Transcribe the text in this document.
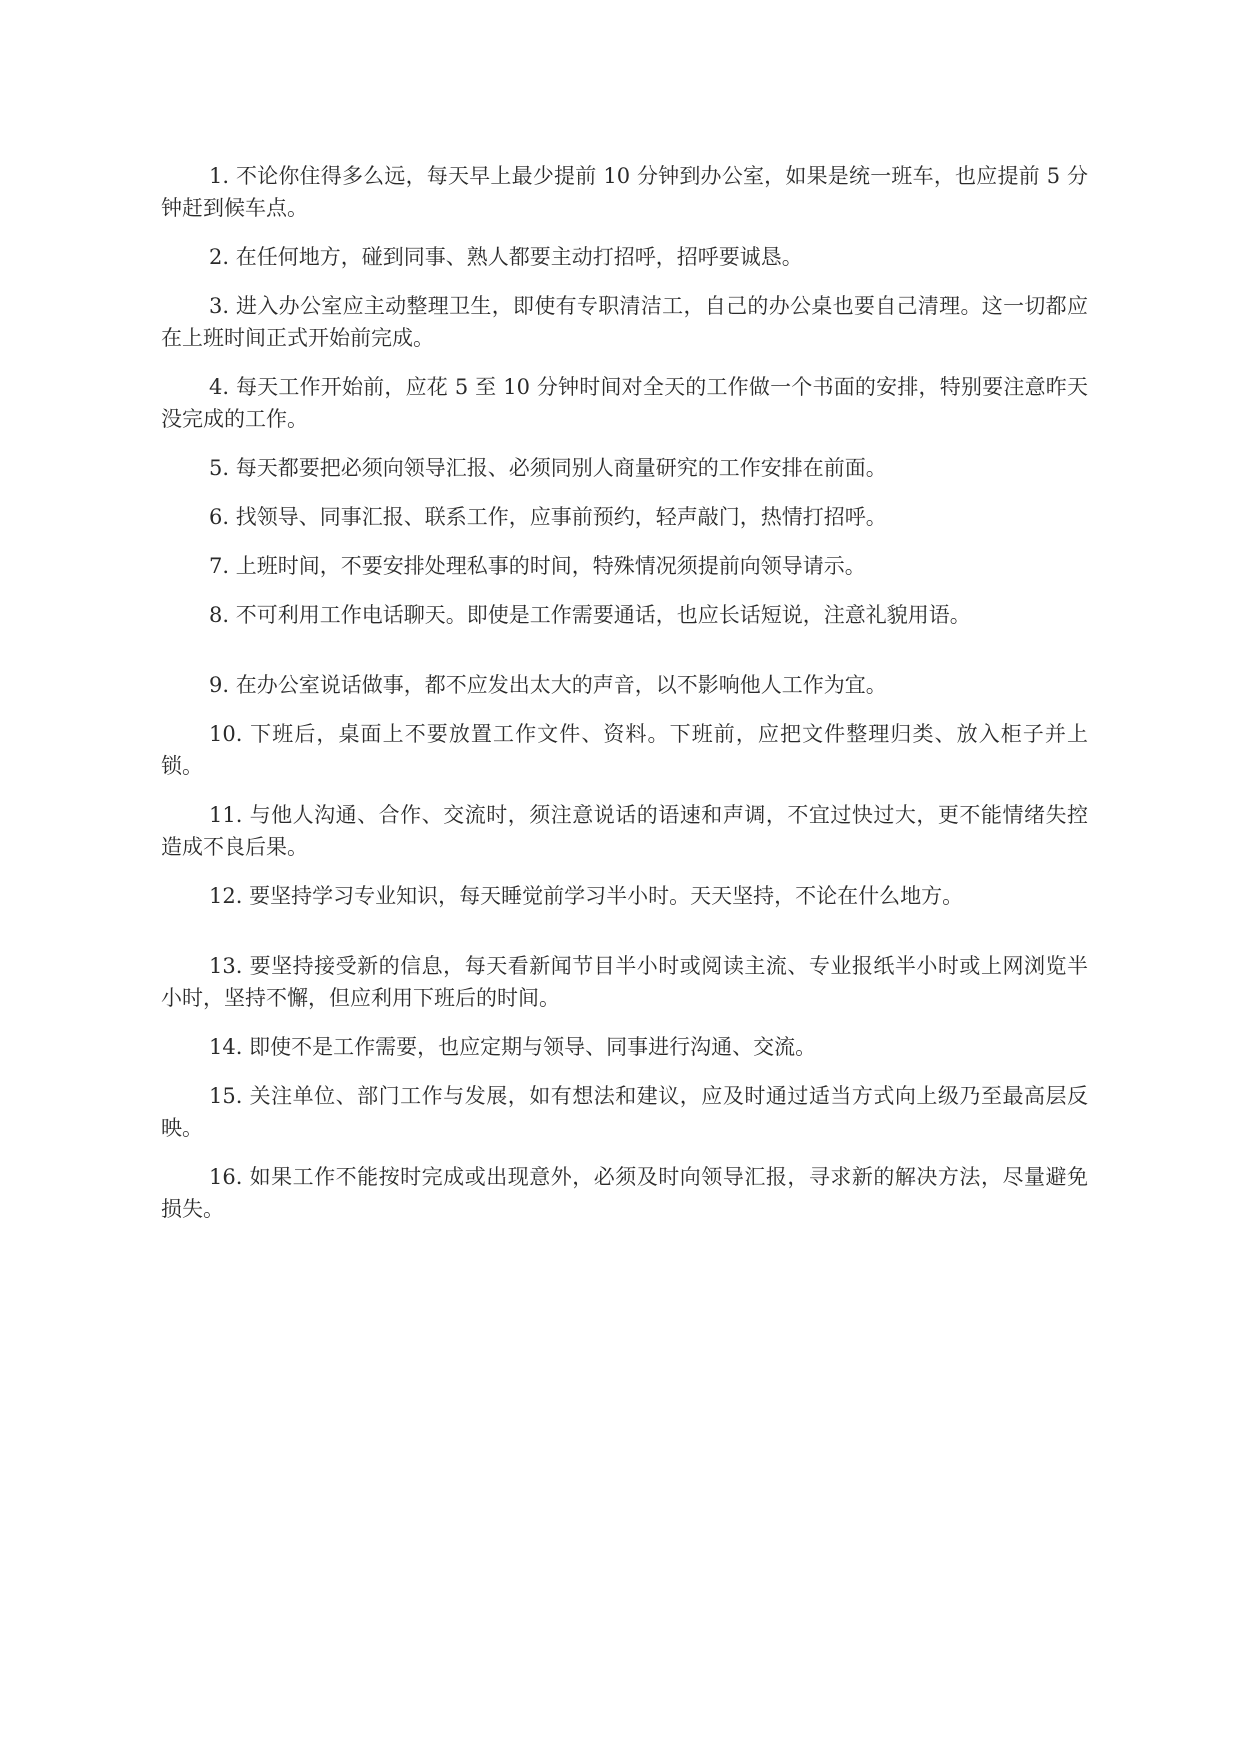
1. 不论你住得多么远，每天早上最少提前 10 分钟到办公室，如果是统一班车，也应提前 5 分钟赶到候车点。

2. 在任何地方，碰到同事、熟人都要主动打招呼，招呼要诚恳。

3. 进入办公室应主动整理卫生，即使有专职清洁工，自己的办公桌也要自己清理。这一切都应在上班时间正式开始前完成。

4. 每天工作开始前，应花 5 至 10 分钟时间对全天的工作做一个书面的安排，特别要注意昨天没完成的工作。

5. 每天都要把必须向领导汇报、必须同别人商量研究的工作安排在前面。

6. 找领导、同事汇报、联系工作，应事前预约，轻声敲门，热情打招呼。

7. 上班时间，不要安排处理私事的时间，特殊情况须提前向领导请示。

8. 不可利用工作电话聊天。即使是工作需要通话，也应长话短说，注意礼貌用语。

9. 在办公室说话做事，都不应发出太大的声音，以不影响他人工作为宜。

10. 下班后，桌面上不要放置工作文件、资料。下班前，应把文件整理归类、放入柜子并上锁。

11. 与他人沟通、合作、交流时，须注意说话的语速和声调，不宜过快过大，更不能情绪失控造成不良后果。

12. 要坚持学习专业知识，每天睡觉前学习半小时。天天坚持，不论在什么地方。

13. 要坚持接受新的信息，每天看新闻节目半小时或阅读主流、专业报纸半小时或上网浏览半小时，坚持不懈，但应利用下班后的时间。

14. 即使不是工作需要，也应定期与领导、同事进行沟通、交流。

15. 关注单位、部门工作与发展，如有想法和建议，应及时通过适当方式向上级乃至最高层反映。

16. 如果工作不能按时完成或出现意外，必须及时向领导汇报，寻求新的解决方法，尽量避免损失。
